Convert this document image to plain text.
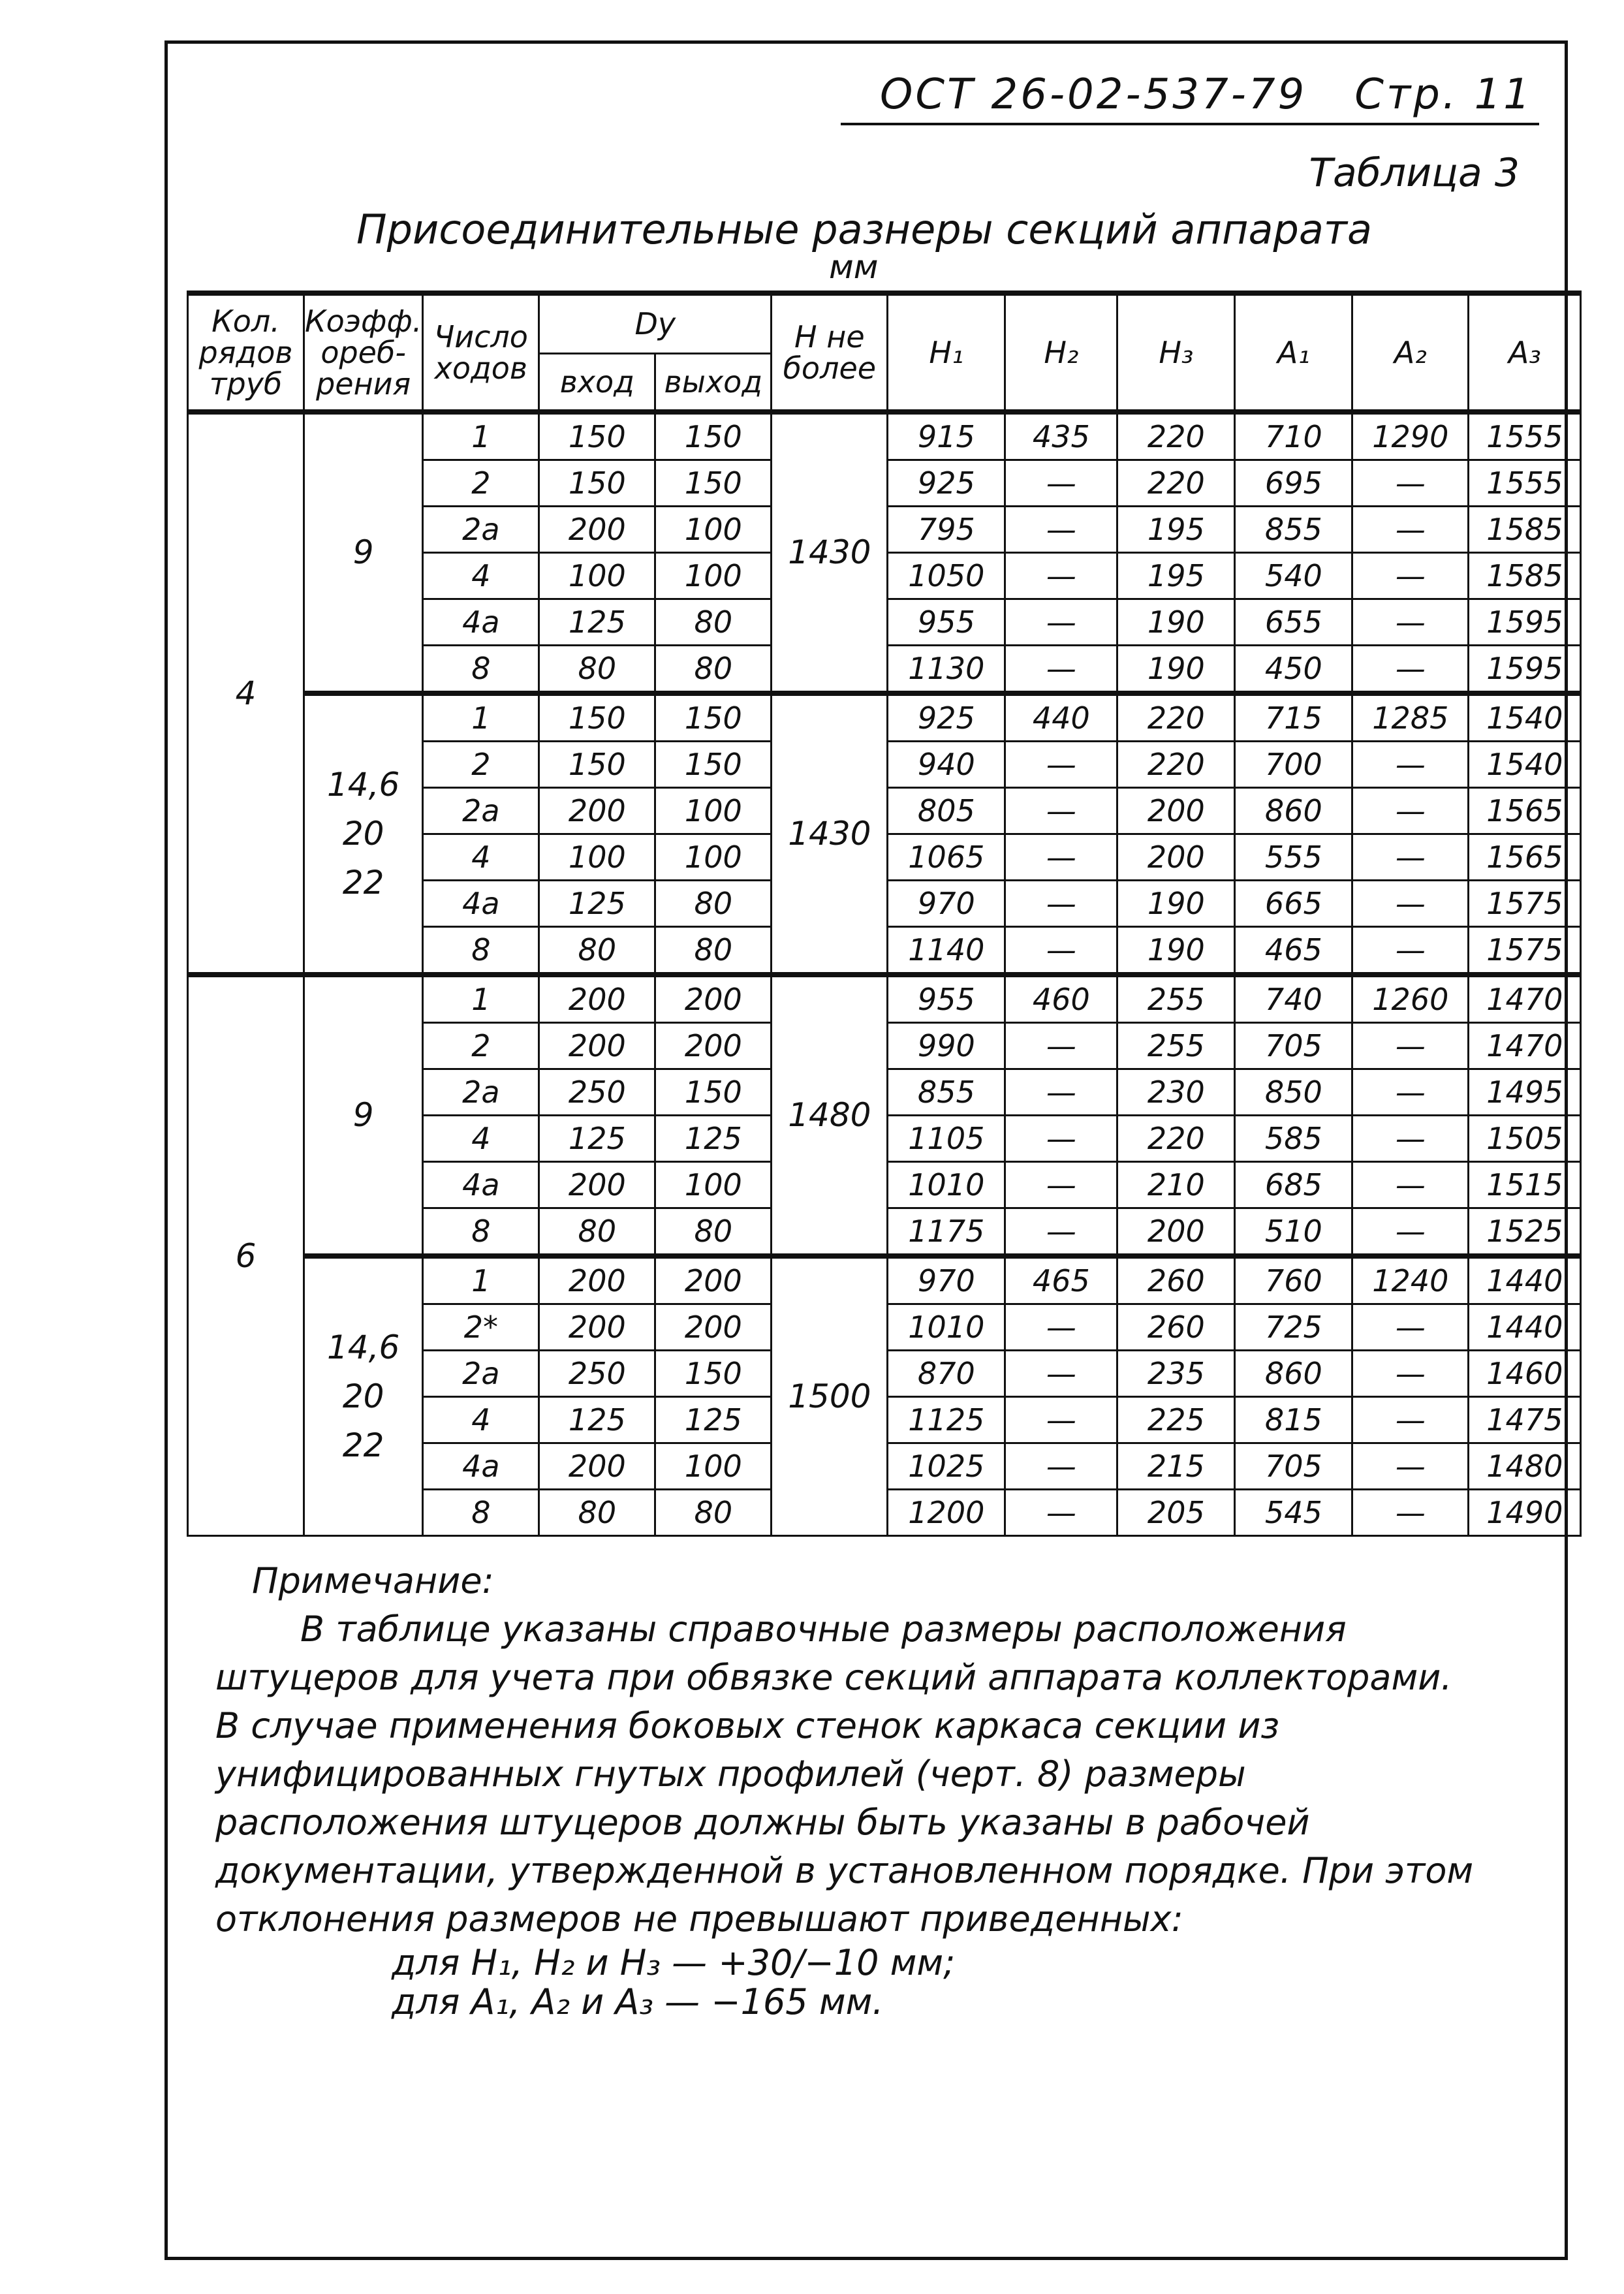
ОСТ 26-02-537-79 Стр. 11
Таблица 3
Присоединительные разнеры секций аппарата
мм
Кол. рядов труб	Коэфф. ореб- рения	Число ходов	Dy		H не более	H₁	H₂	H₃	A₁	A₂	A₃
			вход	выход							
4	9	1	150	150	1430	915	435	220	710	1290	1555
		2	150	150		925	—	220	695	—	1555
		2а	200	100		795	—	195	855	—	1585
		4	100	100		1050	—	195	540	—	1585
		4а	125	80		955	—	190	655	—	1595
		8	80	80		1130	—	190	450	—	1595
	14,6
20
22	1	150	150	1430	925	440	220	715	1285	1540
		2	150	150		940	—	220	700	—	1540
		2а	200	100		805	—	200	860	—	1565
		4	100	100		1065	—	200	555	—	1565
		4а	125	80		970	—	190	665	—	1575
		8	80	80		1140	—	190	465	—	1575
6	9	1	200	200	1480	955	460	255	740	1260	1470
		2	200	200		990	—	255	705	—	1470
		2а	250	150		855	—	230	850	—	1495
		4	125	125		1105	—	220	585	—	1505
		4а	200	100		1010	—	210	685	—	1515
		8	80	80		1175	—	200	510	—	1525
	14,6
20
22	1	200	200	1500	970	465	260	760	1240	1440
		2*	200	200		1010	—	260	725	—	1440
		2а	250	150		870	—	235	860	—	1460
		4	125	125		1125	—	225	815	—	1475
		4а	200	100		1025	—	215	705	—	1480
		8	80	80		1200	—	205	545	—	1490
Примечание:
В таблице указаны справочные размеры расположения штуцеров для учета при обвязке секций аппарата коллекторами.
В случае применения боковых стенок каркаса секции из унифицированных гнутых профилей (черт. 8) размеры расположения штуцеров должны быть указаны в рабочей документации, утвержденной в установленном порядке. При этом отклонения размеров не превышают приведенных:
для H₁, H₂ и H₃ — +30/−10 мм;
для A₁, A₂ и A₃ — −165 мм.
